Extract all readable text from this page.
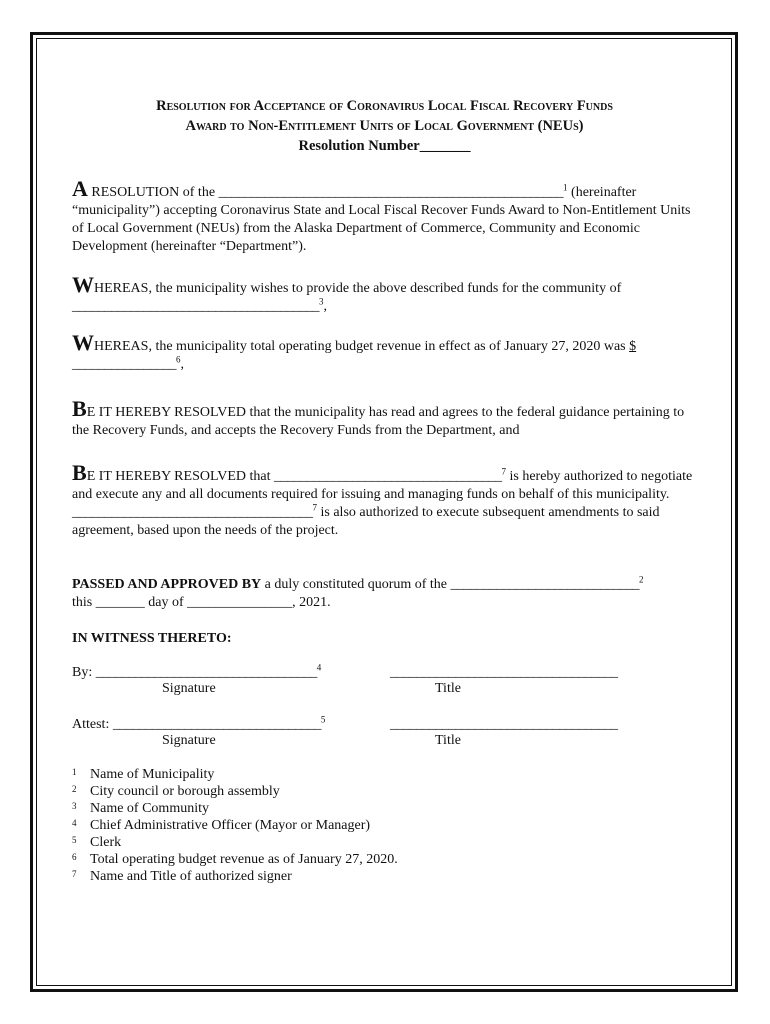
Resolution for Acceptance of Coronavirus Local Fiscal Recovery Funds
Award to Non-Entitlement Units of Local Government (NEUs)
Resolution Number_______
A RESOLUTION of the _____________________________________________________$^1$ (hereinafter “municipality”) accepting Coronavirus State and Local Fiscal Recover Funds Award to Non-Entitlement Units of Local Government (NEUs) from the Alaska Department of Commerce, Community and Economic Development (hereinafter “Department”).
WHEREAS, the municipality wishes to provide the above described funds for the community of
______________________________________$^3$,
WHEREAS, the municipality total operating budget revenue in effect as of January 27, 2020 was $
________________$^6$,
BE IT HEREBY RESOLVED that the municipality has read and agrees to the federal guidance pertaining to the Recovery Funds, and accepts the Recovery Funds from the Department, and
BE IT HEREBY RESOLVED that ___________________________________$^7$ is hereby authorized to negotiate and execute any and all documents required for issuing and managing funds on behalf of this municipality. _____________________________________$^7$ is also authorized to execute subsequent amendments to said agreement, based upon the needs of the project.
PASSED AND APPROVED BY a duly constituted quorum of the _____________________________$^2$
this _______ day of _______________, 2021.
IN WITNESS THERETO:
By: __________________________________$^4$	___________________________________
Signature	Title
Attest: ________________________________$^5$	___________________________________
Signature	Title
1 Name of Municipality
2 City council or borough assembly
3 Name of Community
4 Chief Administrative Officer (Mayor or Manager)
5 Clerk
6 Total operating budget revenue as of January 27, 2020.
7 Name and Title of authorized signer
